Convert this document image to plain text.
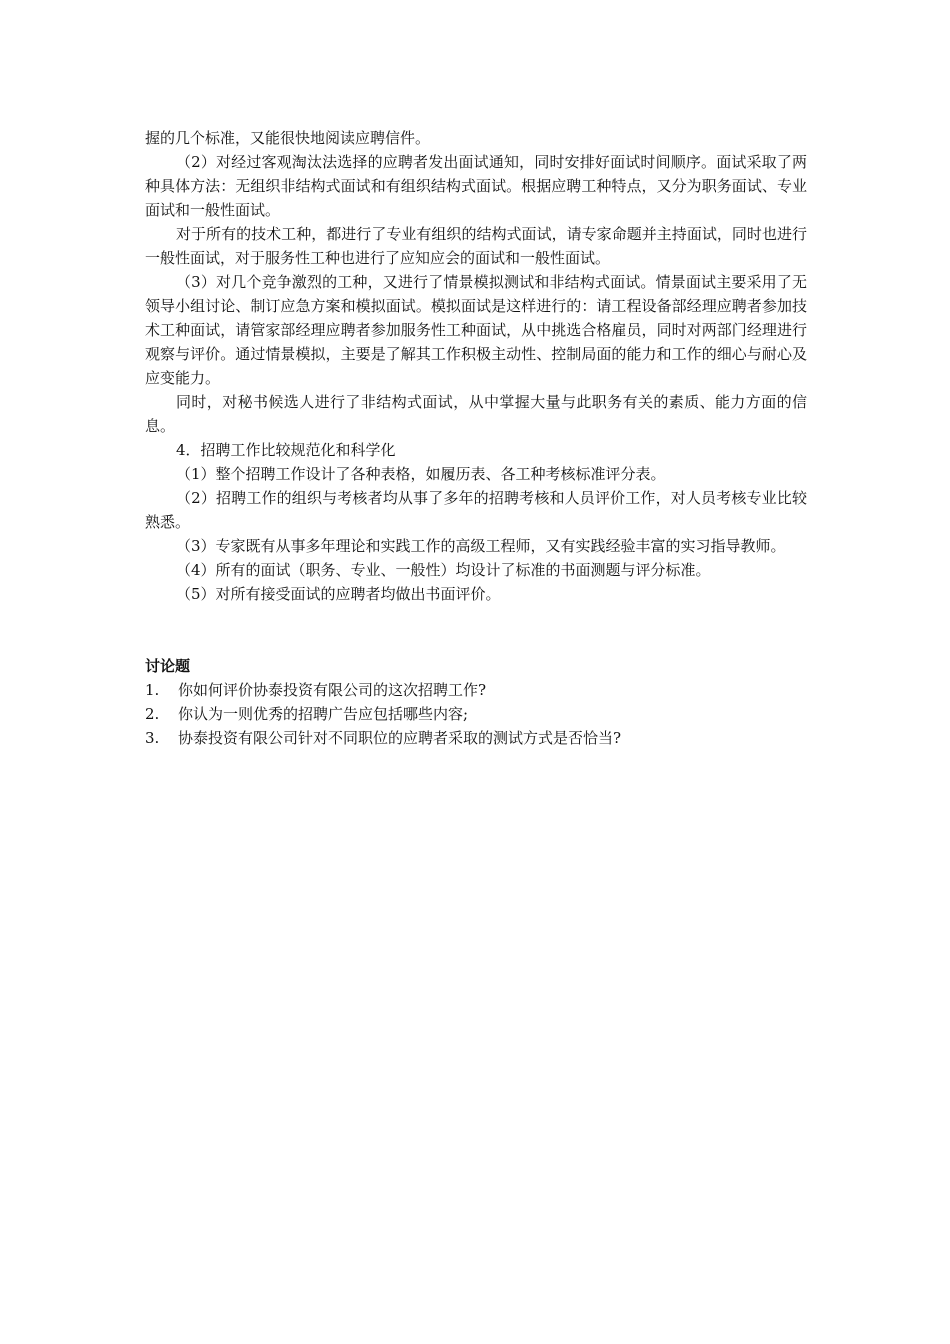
握的几个标准，又能很快地阅读应聘信件。

（2）对经过客观淘汰法选择的应聘者发出面试通知，同时安排好面试时间顺序。面试采取了两种具体方法：无组织非结构式面试和有组织结构式面试。根据应聘工种特点，又分为职务面试、专业面试和一般性面试。

对于所有的技术工种，都进行了专业有组织的结构式面试，请专家命题并主持面试，同时也进行一般性面试，对于服务性工种也进行了应知应会的面试和一般性面试。

（3）对几个竞争激烈的工种，又进行了情景模拟测试和非结构式面试。情景面试主要采用了无领导小组讨论、制订应急方案和模拟面试。模拟面试是这样进行的：请工程设备部经理应聘者参加技术工种面试，请管家部经理应聘者参加服务性工种面试，从中挑选合格雇员，同时对两部门经理进行观察与评价。通过情景模拟，主要是了解其工作积极主动性、控制局面的能力和工作的细心与耐心及应变能力。

同时，对秘书候选人进行了非结构式面试，从中掌握大量与此职务有关的素质、能力方面的信息。

4．招聘工作比较规范化和科学化

（1）整个招聘工作设计了各种表格，如履历表、各工种考核标准评分表。

（2）招聘工作的组织与考核者均从事了多年的招聘考核和人员评价工作，对人员考核专业比较熟悉。

（3）专家既有从事多年理论和实践工作的高级工程师，又有实践经验丰富的实习指导教师。

（4）所有的面试（职务、专业、一般性）均设计了标准的书面测题与评分标准。

（5）对所有接受面试的应聘者均做出书面评价。

讨论题

1.	你如何评价协泰投资有限公司的这次招聘工作?
2.	你认为一则优秀的招聘广告应包括哪些内容;
3.	协泰投资有限公司针对不同职位的应聘者采取的测试方式是否恰当?
